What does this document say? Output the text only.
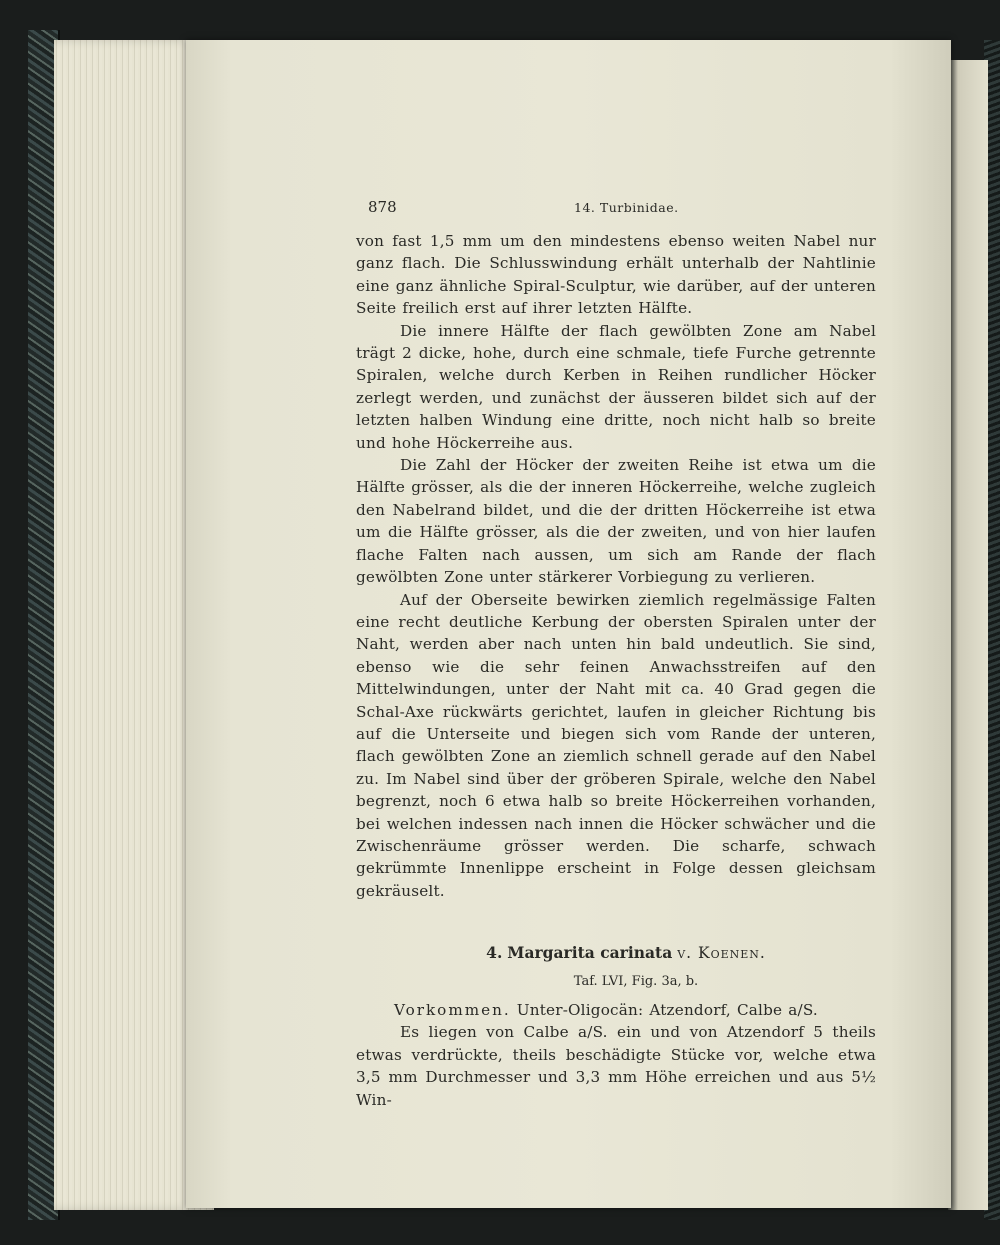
878	14. Turbinidae.

von fast 1,5 mm um den mindestens ebenso weiten Nabel nur ganz flach. Die Schlusswindung erhält unterhalb der Nahtlinie eine ganz ähnliche Spiral-Sculptur, wie darüber, auf der unteren Seite freilich erst auf ihrer letzten Hälfte.

Die innere Hälfte der flach gewölbten Zone am Nabel trägt 2 dicke, hohe, durch eine schmale, tiefe Furche getrennte Spiralen, welche durch Kerben in Reihen rundlicher Höcker zerlegt werden, und zunächst der äusseren bildet sich auf der letzten halben Windung eine dritte, noch nicht halb so breite und hohe Höckerreihe aus.

Die Zahl der Höcker der zweiten Reihe ist etwa um die Hälfte grösser, als die der inneren Höckerreihe, welche zugleich den Nabelrand bildet, und die der dritten Höckerreihe ist etwa um die Hälfte grösser, als die der zweiten, und von hier laufen flache Falten nach aussen, um sich am Rande der flach gewölbten Zone unter stärkerer Vorbiegung zu verlieren.

Auf der Oberseite bewirken ziemlich regelmässige Falten eine recht deutliche Kerbung der obersten Spiralen unter der Naht, werden aber nach unten hin bald undeutlich. Sie sind, ebenso wie die sehr feinen Anwachsstreifen auf den Mittelwindungen, unter der Naht mit ca. 40 Grad gegen die Schal-Axe rückwärts gerichtet, laufen in gleicher Richtung bis auf die Unterseite und biegen sich vom Rande der unteren, flach gewölbten Zone an ziemlich schnell gerade auf den Nabel zu. Im Nabel sind über der gröberen Spirale, welche den Nabel begrenzt, noch 6 etwa halb so breite Höckerreihen vorhanden, bei welchen indessen nach innen die Höcker schwächer und die Zwischenräume grösser werden. Die scharfe, schwach gekrümmte Innenlippe erscheint in Folge dessen gleichsam gekräuselt.

4. Margarita carinata v. Koenen.
Taf. LVI, Fig. 3a, b.

Vorkommen. Unter-Oligocän: Atzendorf, Calbe a/S.

Es liegen von Calbe a/S. ein und von Atzendorf 5 theils etwas verdrückte, theils beschädigte Stücke vor, welche etwa 3,5 mm Durchmesser und 3,3 mm Höhe erreichen und aus 5½ Win-
